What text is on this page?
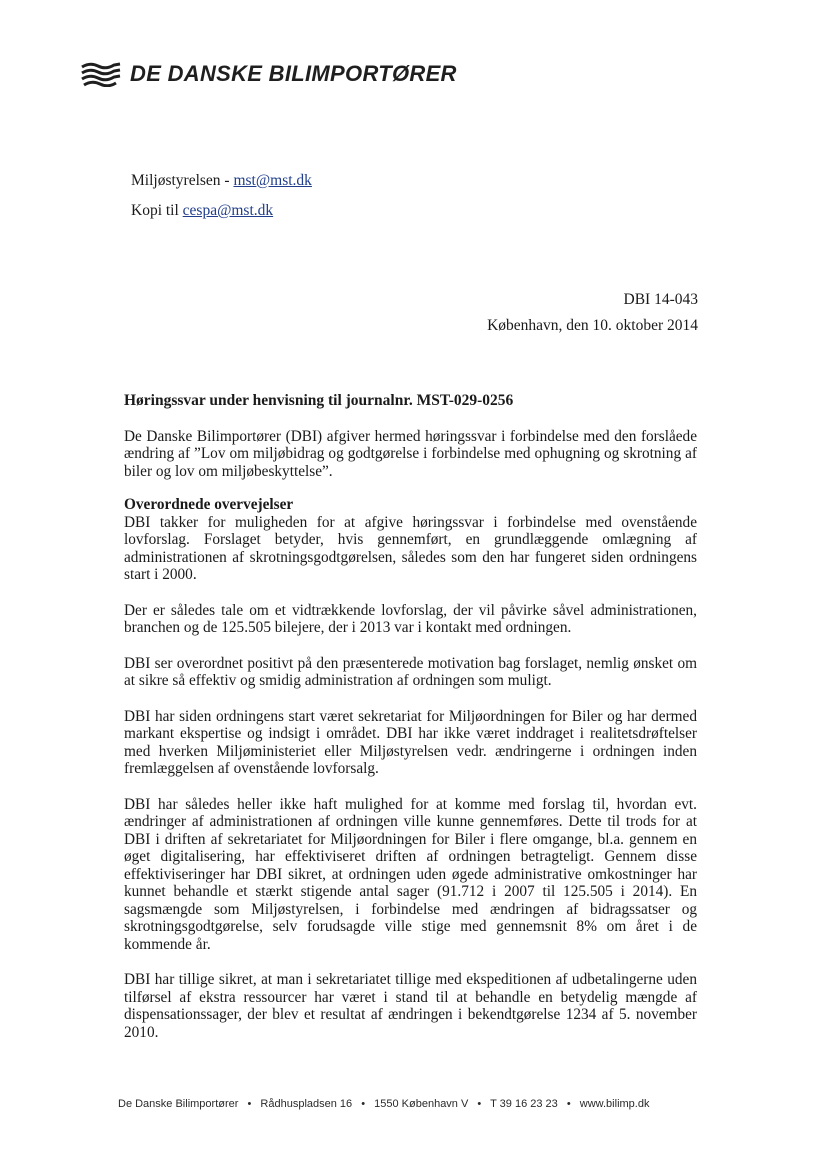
DE DANSKE BILIMPORTØRER
Miljøstyrelsen - mst@mst.dk
Kopi til cespa@mst.dk
DBI 14-043
København, den 10. oktober 2014
Høringssvar under henvisning til journalnr. MST-029-0256

De Danske Bilimportører (DBI) afgiver hermed høringssvar i forbindelse med den forslåede ændring af ”Lov om miljøbidrag og godtgørelse i forbindelse med ophugning og skrotning af biler og lov om miljøbeskyttelse”.

Overordnede overvejelser

DBI takker for muligheden for at afgive høringssvar i forbindelse med ovenstående lovforslag. Forslaget betyder, hvis gennemført, en grundlæggende omlægning af administrationen af skrotningsgodtgørelsen, således som den har fungeret siden ordningens start i 2000.

Der er således tale om et vidtrækkende lovforslag, der vil påvirke såvel administrationen, branchen og de 125.505 bilejere, der i 2013 var i kontakt med ordningen.

DBI ser overordnet positivt på den præsenterede motivation bag forslaget, nemlig ønsket om at sikre så effektiv og smidig administration af ordningen som muligt.

DBI har siden ordningens start været sekretariat for Miljøordningen for Biler og har dermed markant ekspertise og indsigt i området. DBI har ikke været inddraget i realitetsdrøftelser med hverken Miljøministeriet eller Miljøstyrelsen vedr. ændringerne i ordningen inden fremlæggelsen af ovenstående lovforsalg.

DBI har således heller ikke haft mulighed for at komme med forslag til, hvordan evt. ændringer af administrationen af ordningen ville kunne gennemføres. Dette til trods for at DBI i driften af sekretariatet for Miljøordningen for Biler i flere omgange, bl.a. gennem en øget digitalisering, har effektiviseret driften af ordningen betragteligt. Gennem disse effektiviseringer har DBI sikret, at ordningen uden øgede administrative omkostninger har kunnet behandle et stærkt stigende antal sager (91.712 i 2007 til 125.505 i 2014). En sagsmængde som Miljøstyrelsen, i forbindelse med ændringen af bidragssatser og skrotningsgodtgørelse, selv forudsagde ville stige med gennemsnit 8% om året i de kommende år.

DBI har tillige sikret, at man i sekretariatet tillige med ekspeditionen af udbetalingerne uden tilførsel af ekstra ressourcer har været i stand til at behandle en betydelig mængde af dispensationssager, der blev et resultat af ændringen i bekendtgørelse 1234 af 5. november 2010.

De Danske Bilimportører • Rådhuspladsen 16 • 1550 København V • T 39 16 23 23 • www.bilimp.dk
